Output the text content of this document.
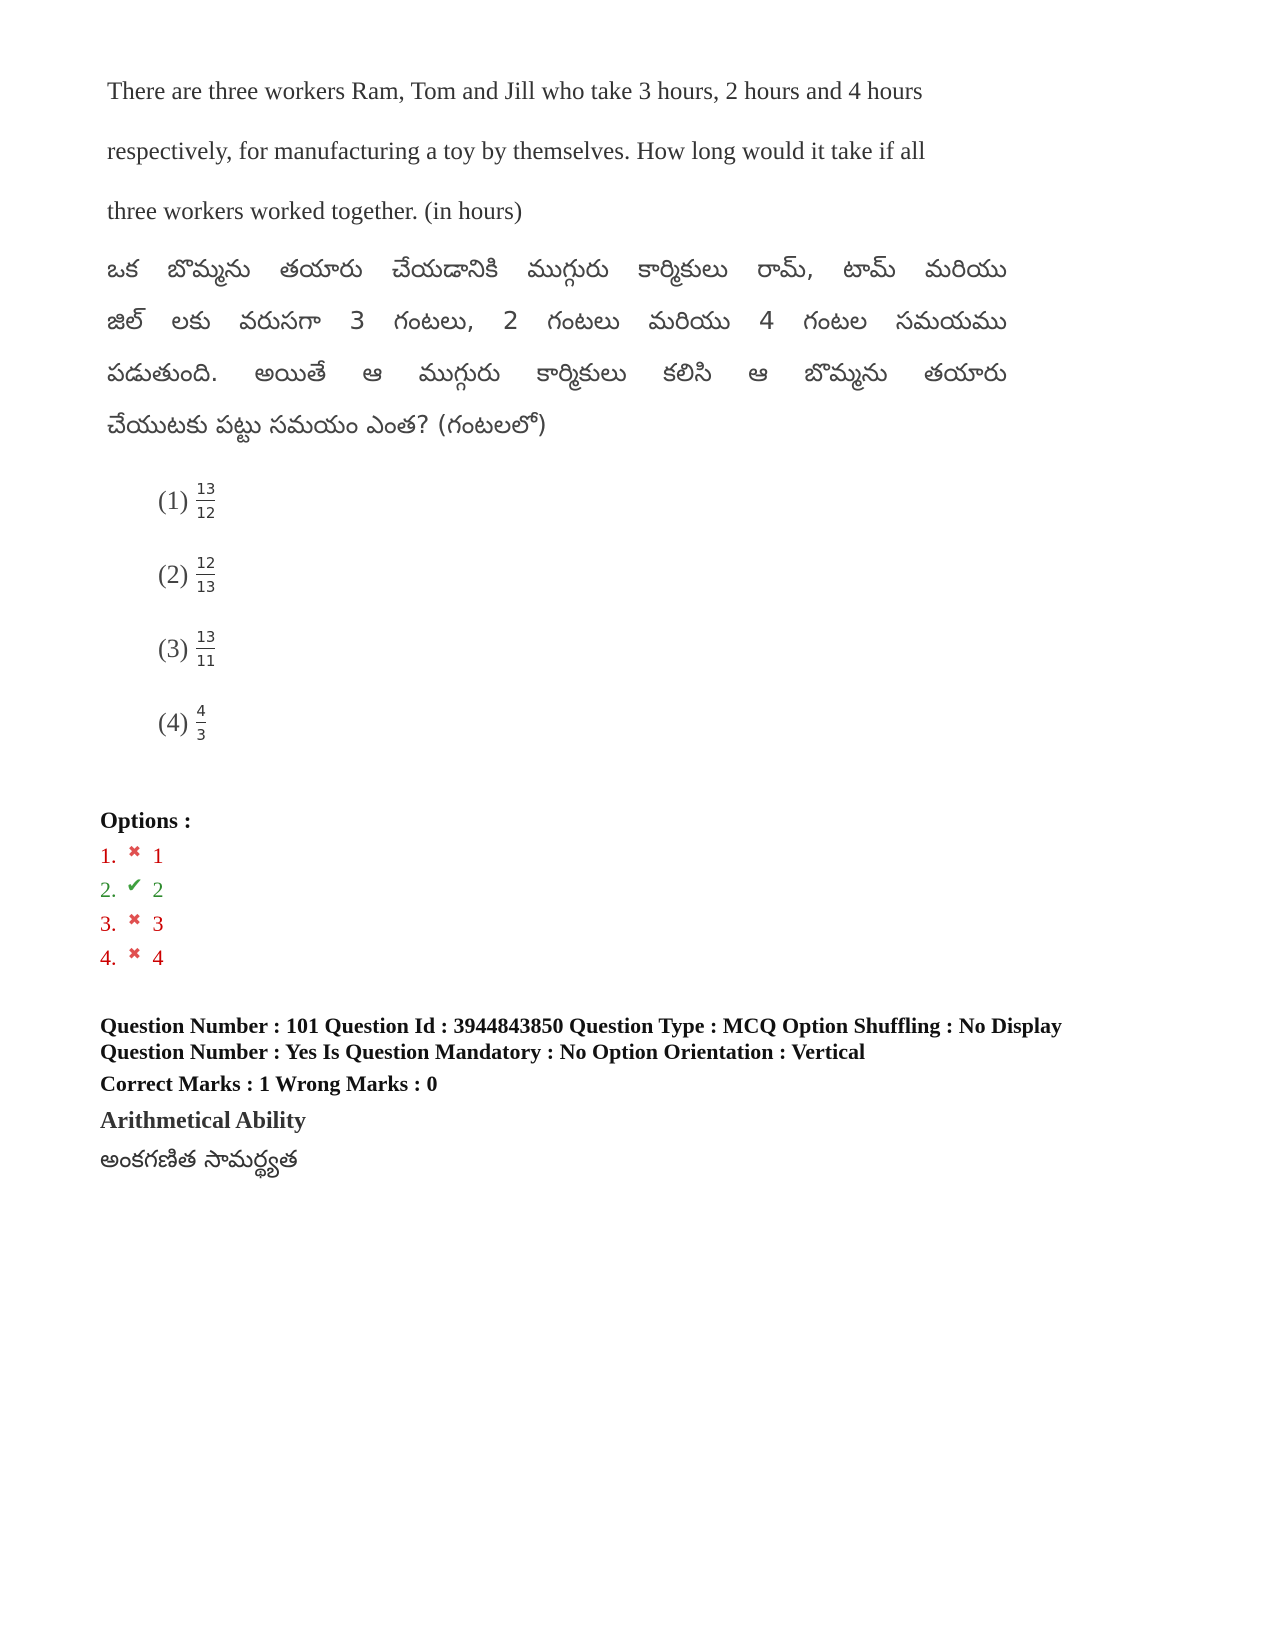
There are three workers Ram, Tom and Jill who take 3 hours, 2 hours and 4 hours
respectively, for manufacturing a toy by themselves. How long would it take if all
three workers worked together. (in hours)
ఒక బొమ్మను తయారు చేయడానికి ముగ్గురు కార్మికులు రామ్, టామ్ మరియు
జిల్ లకు వరుసగా 3 గంటలు, 2 గంటలు మరియు 4 గంటల సమయము
పడుతుంది. అయితే ఆ ముగ్గురు కార్మికులు కలిసి ఆ బొమ్మను తయారు
చేయుటకు పట్టు సమయం ఎంత? (గంటలలో)
$(1) \frac{13}{12}$
$(2) \frac{12}{13}$
$(3) \frac{13}{11}$
$(4) \frac{4}{3}$
Options :
1. ✖ 1
2. ✔ 2
3. ✖ 3
4. ✖ 4
Question Number : 101 Question Id : 3944843850 Question Type : MCQ Option Shuffling : No Display
Question Number : Yes Is Question Mandatory : No Option Orientation : Vertical
Correct Marks : 1 Wrong Marks : 0
Arithmetical Ability
అంకగణిత సామర్థ్యత
